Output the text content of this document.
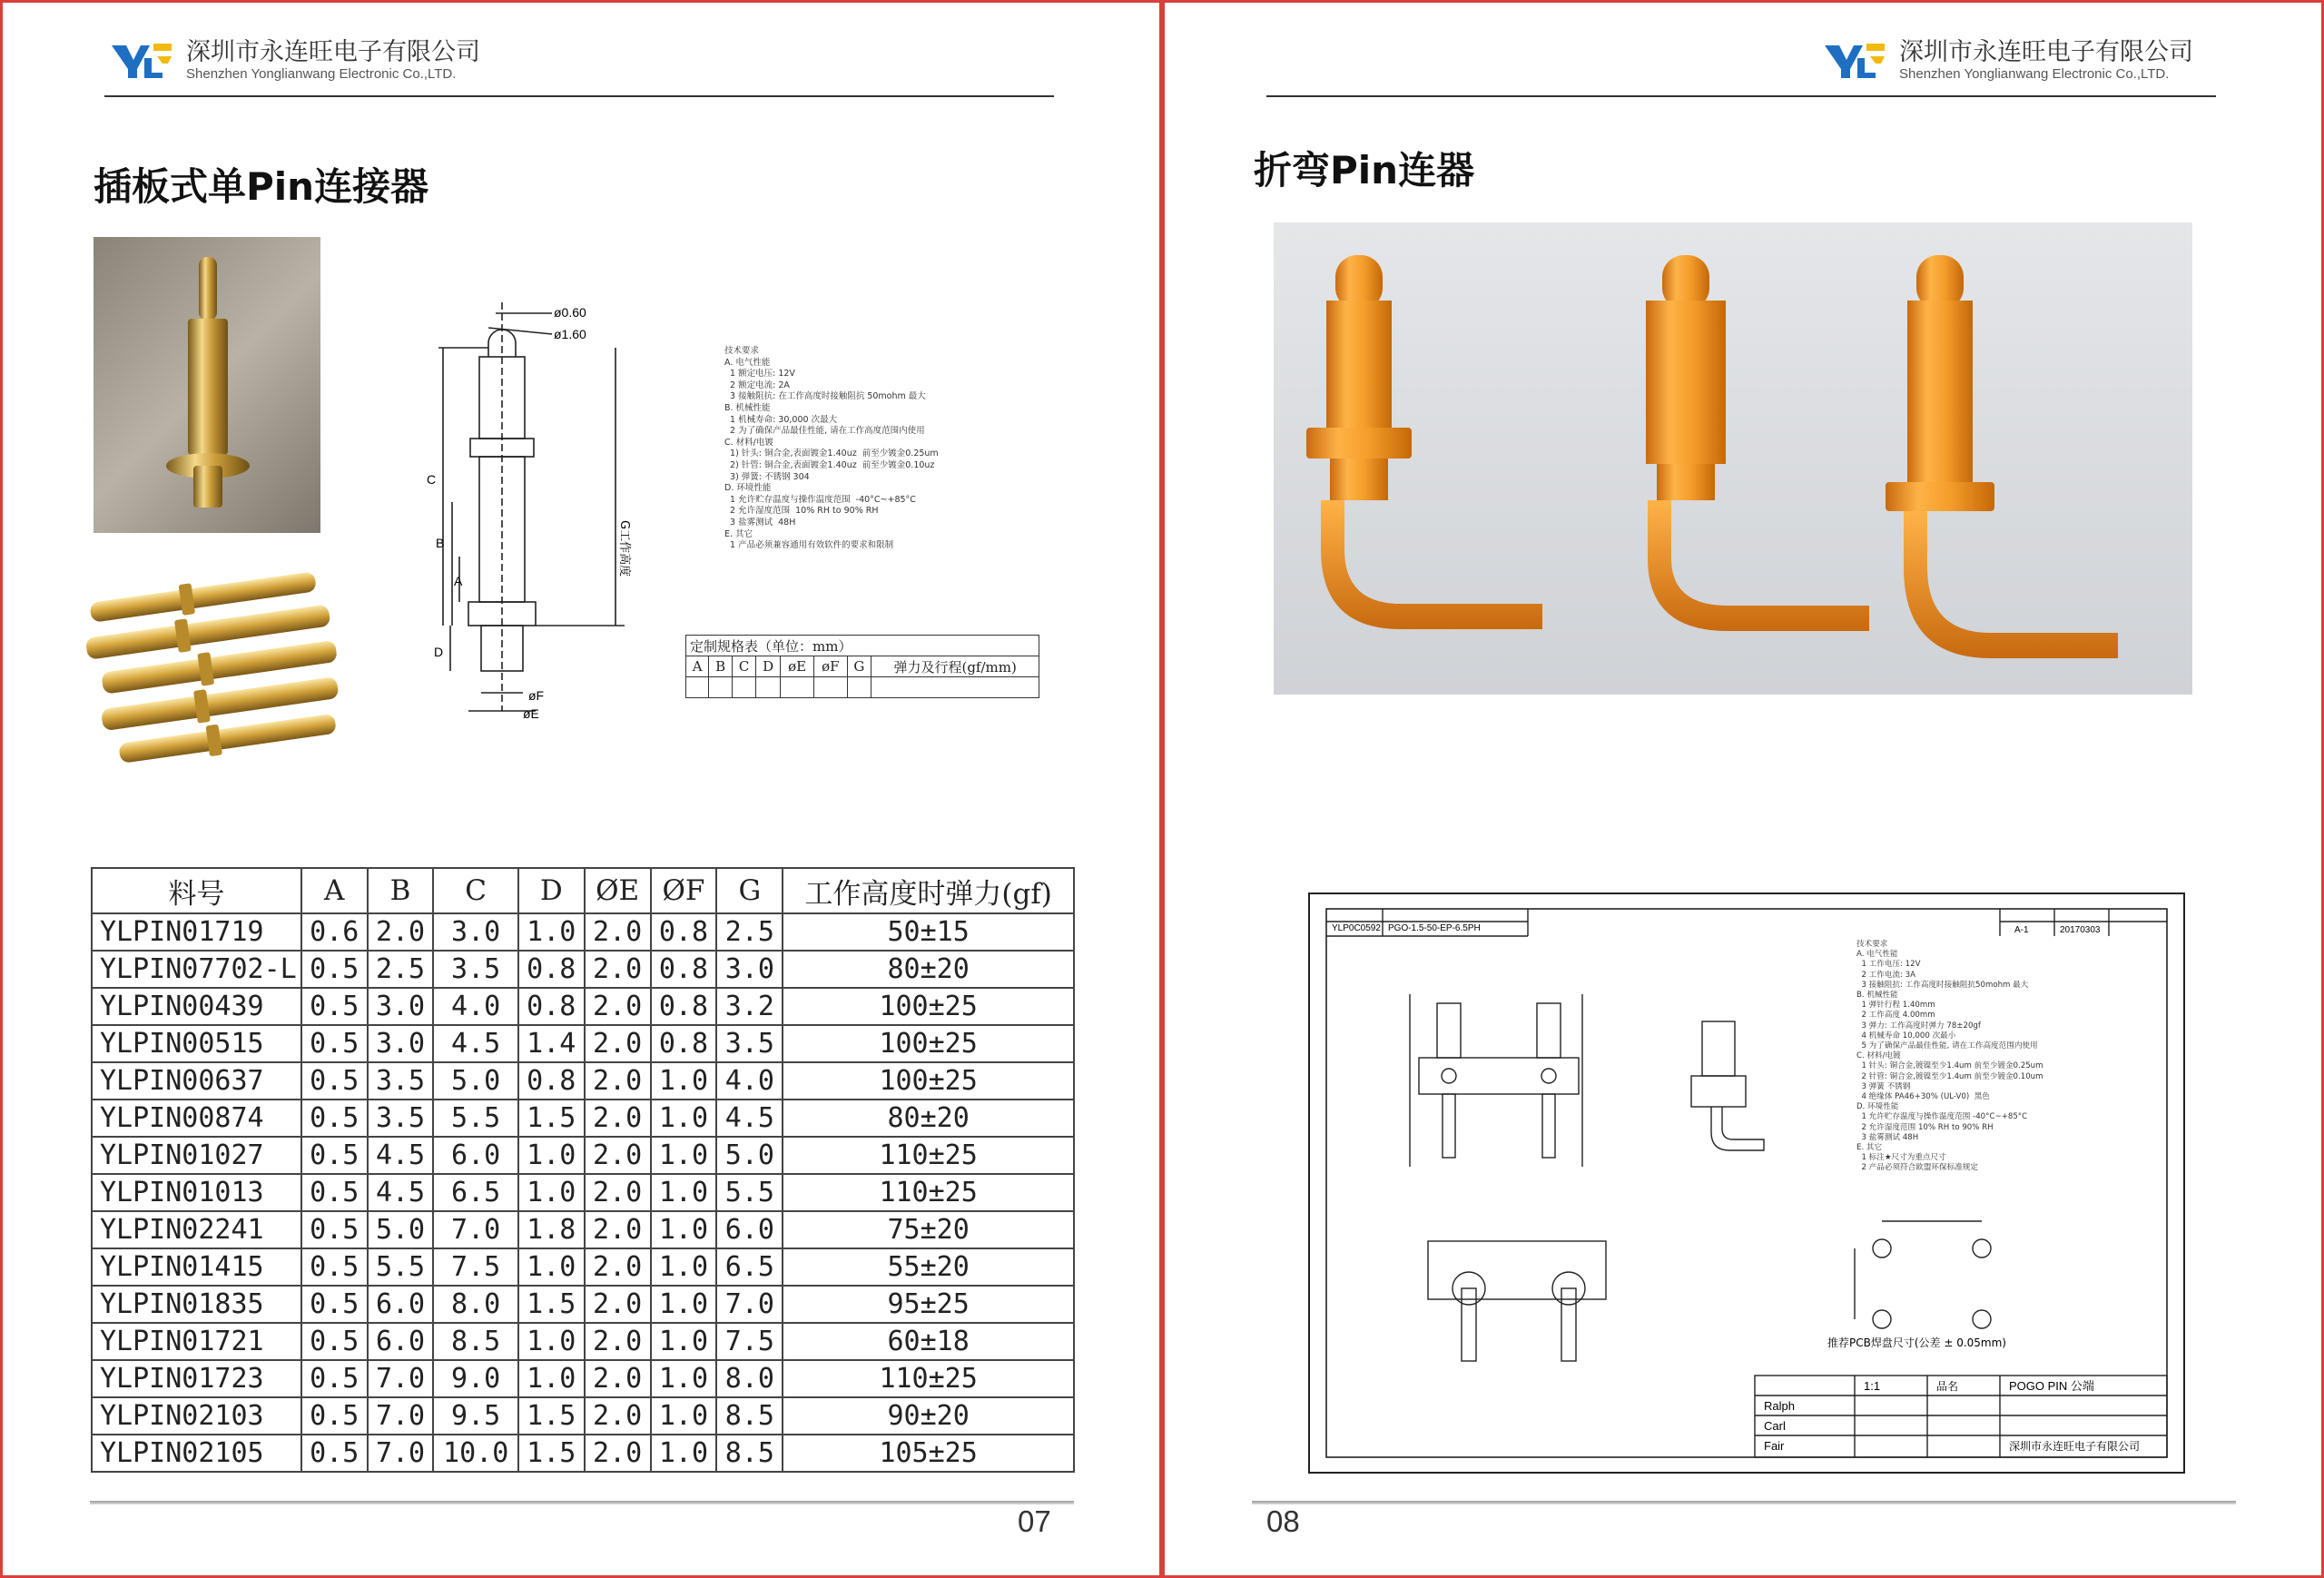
深圳市永连旺电子有限公司
Shenzhen Yonglianwang Electronic Co.,LTD.
插板式单Pin连接器
ø0.60
ø1.60
C
B
A
D
G工作高度
øF
øE
技术要求
A. 电气性能
1 额定电压: 12V
2 额定电流: 2A
3 接触阻抗: 在工作高度时接触阻抗 50mohm 最大
B. 机械性能
1 机械寿命: 30,000 次最大
2 为了确保产品最佳性能, 请在工作高度范围内使用
C. 材料/电镀
1) 针头: 铜合金,表面镀金1.40uz  前至少镀金0.25um
2) 针管: 铜合金,表面镀金1.40uz  前至少镀金0.10uz
3) 弹簧: 不锈钢 304
D. 环境性能
1 允许贮存温度与操作温度范围  -40°C~+85°C
2 允许湿度范围  10% RH to 90% RH
3 盐雾测试  48H
E. 其它
1 产品必须兼容通用有效软件的要求和限制
定制规格表（单位：mm）							
A	B	C	D	øE	øF	G	弹力及行程(gf/mm)

料号	A	B	C	D	ØE	ØF	G	工作高度时弹力(gf)
YLPIN01719	0.6	2.0	3.0	1.0	2.0	0.8	2.5	50±15
YLPIN07702-L	0.5	2.5	3.5	0.8	2.0	0.8	3.0	80±20
YLPIN00439	0.5	3.0	4.0	0.8	2.0	0.8	3.2	100±25
YLPIN00515	0.5	3.0	4.5	1.4	2.0	0.8	3.5	100±25
YLPIN00637	0.5	3.5	5.0	0.8	2.0	1.0	4.0	100±25
YLPIN00874	0.5	3.5	5.5	1.5	2.0	1.0	4.5	80±20
YLPIN01027	0.5	4.5	6.0	1.0	2.0	1.0	5.0	110±25
YLPIN01013	0.5	4.5	6.5	1.0	2.0	1.0	5.5	110±25
YLPIN02241	0.5	5.0	7.0	1.8	2.0	1.0	6.0	75±20
YLPIN01415	0.5	5.5	7.5	1.0	2.0	1.0	6.5	55±20
YLPIN01835	0.5	6.0	8.0	1.5	2.0	1.0	7.0	95±25
YLPIN01721	0.5	6.0	8.5	1.0	2.0	1.0	7.5	60±18
YLPIN01723	0.5	7.0	9.0	1.0	2.0	1.0	8.0	110±25
YLPIN02103	0.5	7.0	9.5	1.5	2.0	1.0	8.5	90±20
YLPIN02105	0.5	7.0	10.0	1.5	2.0	1.0	8.5	105±25
07
深圳市永连旺电子有限公司
Shenzhen Yonglianwang Electronic Co.,LTD.
折弯Pin连器
YLP0C0592 PGO-1.5-50-EP-6.5PH	A-1	20170303
推荐PCB焊盘尺寸(公差 ± 0.05mm)
1:1	品名	POGO PIN 公端
Ralph
Carl
Fair	深圳市永连旺电子有限公司
技术要求
A. 电气性能
1 工作电压: 12V
2 工作电流: 3A
3 接触阻抗: 工作高度时接触阻抗50mohm 最大
B. 机械性能
1 弹针行程 1.40mm
2 工作高度 4.00mm
3 弹力: 工作高度时弹力 78±20gf
4 机械寿命 10,000 次最小
5 为了确保产品最佳性能, 请在工作高度范围内使用
C. 材料/电镀
1 针头: 铜合金,镀镍至少1.4um 前至少镀金0.25um
2 针管: 铜合金,镀镍至少1.4um 前至少镀金0.10um
3 弹簧 不锈钢
4 绝缘体 PA46+30% (UL-V0)  黑色
D. 环境性能
1 允许贮存温度与操作温度范围 -40°C~+85°C
2 允许湿度范围 10% RH to 90% RH
3 盐雾测试 48H
E. 其它
1 标注★尺寸为重点尺寸
2 产品必须符合欧盟环保标准规定
08
